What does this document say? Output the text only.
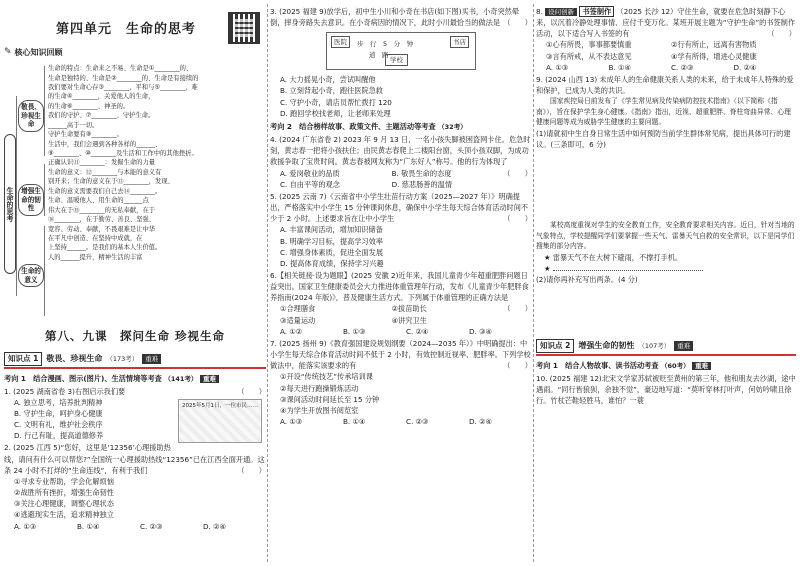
第四单元　生命的思考
✎ 核心知识回顾
生命的思考
敬畏、珍视生命
增强生命的韧性
生命的意义
生命的特点：生命来之不易、生命是①________的、
生命是独特的、生命是②________的、生命是有接续的
我们要对生命心存③________，平和与⑤________，难
的生命④________，关爱他人的生命，
的生命⑥________、神圣的。
我们的守护、⑦________、守护生命。
______高于一切。
守护生命要有⑧________。
生活中，我们会遇到各种各样的______、
⑨________、⑩________及生活和工作中的其他挫折。
正确认识⑪________：发掘生命的力量
生命的意义：⑫________与本能的意义有
别开来；生命的意义在于⑬________，发现、
生命的意义需要我们自己去⑭________。
生命、温暖他人、用生命的______点
伟大在于⑮________的无私奉献，在于
⑯________，在于勤劳、善良、坚强、
宽容、劳动、奉献，不畏艰难是让中华
在平凡中创造、在坚持中成就，在
上坚持______。是我们的基本人生价值。
人的______提升，精神生活的丰富
第八、九课　探问生命 珍视生命
知识点 1	敬畏、珍视生命 （173考）	重难
考向 1　结合漫画、图示(图片)、生活情境等考查 （141考） 重难

1. (2025 湖南省卷 3)右图启示我们要	（　　）

2025年5月1日，一位市民……
A. 独立思考，培养批判精神
B. 守护生命，呵护身心健康
C. 文明有礼，维护社会秩序
D. 行己有耻，提高道德修养

2. (2025 江西 5)“您好，这里是‘12356’心理援助热线，请问有什么可以帮您?”全国统一心理援助热线“12356”已在江西全面开通。这条 24 小时不打烊的“生命连线”，有利于我们	（　　）

①寻求专业帮助，学会化解烦恼
②战胜所有挫折，增强生命韧性
③关注心理健康，调整心理状态
④逃避现实生活，追求精神独立
A. ①③	B. ①④	C. ②③	D. ②④

3. (2025 福建 9)放学后，初中生小川和小奇在书店(如下图)买书，小奇突然晕倒，摔身旁路失去意识。在小奇病因的情况下，此时小川最恰当的做法是 （　　）

医院	步　行　5　分　钟	书店
道　路
学校
A. 大力摇晃小奇，尝试叫醒他
B. 立刻背起小奇，跑往医院急救
C. 守护小奇，请店员帮忙拨打 120
D. 跑回学校找老师，让老师来处理
考向 2　结合榜样故事、政策文件、主题活动等考查 （32考）

4. (2024 广东省卷 2) 2023 年 9 月 13 日，一名小孩失脚被困盗网卡住。危急时刻，黄志春一把将小孩扶住；由民黄志春爬上二楼阳台窗，头顶小孩双脚，为成功救援争取了宝贵时间。黄志春被网友称为“广东好人”称号。他的行为体现了
（　　）

A. 爱岗敬业的品质	B. 敬畏生命的态度
C. 自由平等的观念	D. 慈悲肠善的温情

5. (2025 云南 7)《云南省中小学生壮苗行动方案（2025—2027 年）》明确提出，严格落实中小学生 15 分钟课间休息，确保中小学生每天综合体育活动时间不少于 2 小时。上述要求旨在让中小学生	（　　）

A. 丰富课间活动，增加知识储备
B. 明确学习目标，提高学习效率
C. 增强身体素质，促进全面发展
D. 提高体育成绩，保持学习兴趣

6.【相关链接·设为题眼】(2025 安徽 2)近年来，我国儿童青少年超重肥胖问题日益突出。国家卫生健康委员会大力推进体重管理年行动，发布《儿童青少年肥胖食养指南(2024 年版)》，普及健康生活方式。下列属于体重管理的正确方法是
（　　）

①合理膳食	②拔苗助长
③适量运动	④讲究卫生
A. ①②	B. ①③	C. ②④	D. ③④

7. (2025 扬州 9)《教育强国建设规划纲要（2024—2035 年）》中明确提出：中小学生每天综合体育活动时间不低于 2 小时，有效控制近视率、肥胖率。下列学校做法中，能落实该要求的有	（　　）

①开设“传统技艺”传承培训课
②每天进行跑操锻炼活动
③课间活动时间延长至 15 分钟
④为学生开放图书阅览室
A. ①③	B. ①④	C. ②③	D. ②④

8. 设问创新 书签制作 （2025 长沙 12）守住生命，就要在危急时刻静下心来，以沉着冷静处理事情、应付千变万化。某班开展主题为“守护生命”的书签制作活动，以下适合写入书签的有	（　　）

①心有所畏，事事都要慎重	②行有所止，远离有害物质
③言有所戒，从不表达意见	④学有所得，增进心灵健康
A. ①③	B. ①④	C. ②③	D. ②④

9. (2024 山西 13) 未成年人的生命健康关系人类的未来，给于未成年人特殊的爱和保护，已成为人类的共识。

国家疾控局日前发布了《学生常见病及传染病防控技术指南》（以下简称《指南》），旨在保护学生身心健康。《指南》指出，近视、超重肥胖、脊柱弯曲异常、心理健康问题等成为威胁学生健康的主要问题。

(1)请就初中生自身日常生活中如何预防当前学生群体常见病，提出具体可行的建议。(三条即可，6 分)

某校高度重视对学生的安全教育工作，安全教育要求相关内容。近日，针对当地的气象特点，学校提醒同学们要掌握一些天气、雷暴天气自救的安全常识，以下是同学们搜集的部分内容。

★ 雷暴天气不在大树下避雨，不撑打手机。

★

(2)请你再补充写出两条。(4 分)

知识点 2	增强生命的韧性 （107考）	重难
考向 1　结合人物故事、读书活动考查 （60考） 重难

10. (2025 福建 12)北宋文学家苏轼被贬至黄州的第三年，他和朋友去沙湖，途中遇雨。“同行皆狼狈，余独不觉”，豪迈地写道：“莫听穿林打叶声，何妨吟啸且徐行。竹杖芒鞋轻胜马，谁怕？一蓑
